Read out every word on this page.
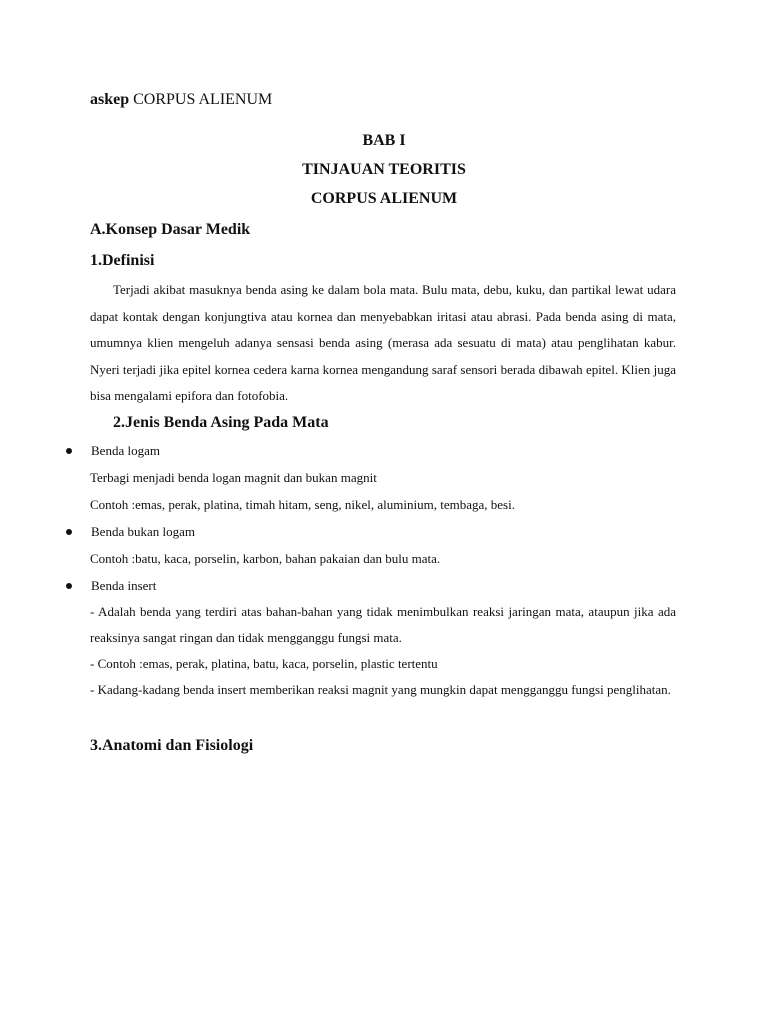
askep CORPUS ALIENUM
BAB I
TINJAUAN TEORITIS
CORPUS ALIENUM
A.Konsep Dasar Medik
1.Definisi

Terjadi akibat masuknya benda asing ke dalam bola mata. Bulu mata, debu, kuku, dan partikal lewat udara dapat kontak dengan konjungtiva atau kornea dan menyebabkan iritasi atau abrasi. Pada benda asing di mata, umumnya klien mengeluh adanya sensasi benda asing (merasa ada sesuatu di mata) atau penglihatan kabur. Nyeri terjadi jika epitel kornea cedera karna kornea mengandung saraf sensori berada dibawah epitel. Klien juga bisa mengalami epifora dan fotofobia.

2.Jenis Benda Asing Pada Mata
Benda logam
Terbagi menjadi benda logan magnit dan bukan magnit
Contoh :emas, perak, platina, timah hitam, seng, nikel, aluminium, tembaga, besi.
Benda bukan logam
Contoh :batu, kaca, porselin, karbon, bahan pakaian dan bulu mata.
Benda insert

- Adalah benda yang terdiri atas bahan-bahan yang tidak menimbulkan reaksi jaringan mata, ataupun jika ada reaksinya sangat ringan dan tidak mengganggu fungsi mata.

- Contoh :emas, perak, platina, batu, kaca, porselin, plastic tertentu

- Kadang-kadang benda insert memberikan reaksi magnit yang mungkin dapat mengganggu fungsi penglihatan.

3.Anatomi dan Fisiologi
